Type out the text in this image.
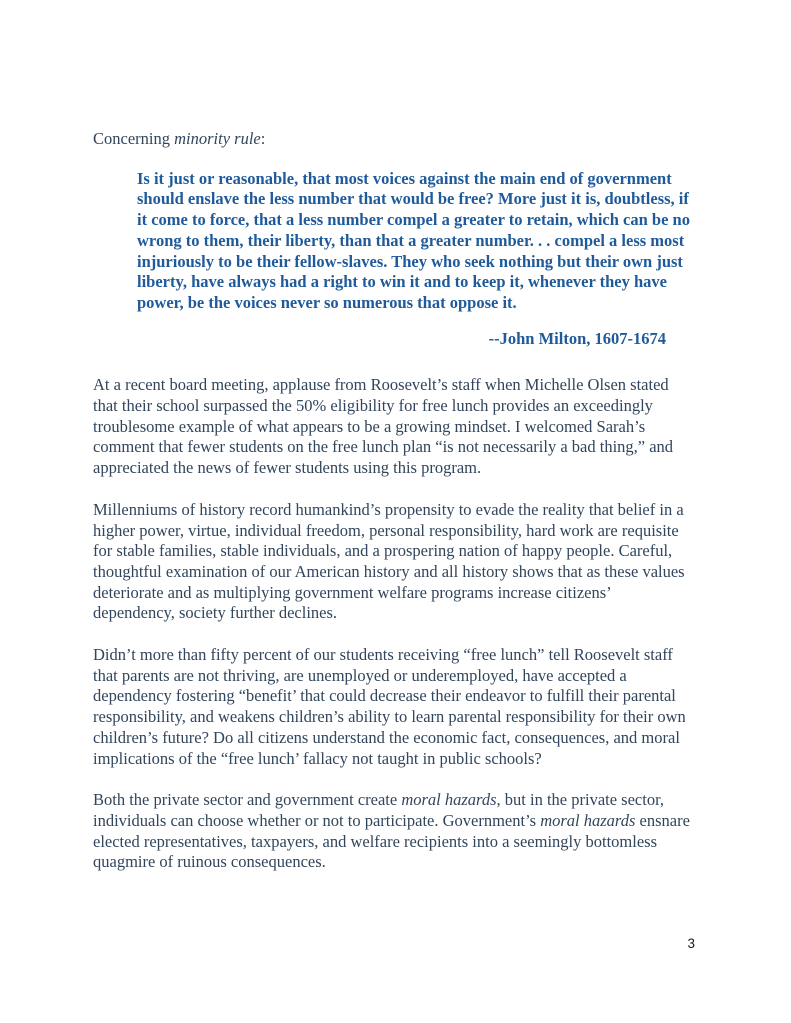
Concerning minority rule:

Is it just or reasonable, that most voices against the main end of government should enslave the less number that would be free? More just it is, doubtless, if it come to force, that a less number compel a greater to retain, which can be no wrong to them, their liberty, than that a greater number. . . compel a less most injuriously to be their fellow-slaves. They who seek nothing but their own just liberty, have always had a right to win it and to keep it, whenever they have power, be the voices never so numerous that oppose it.

--John Milton, 1607-1674

At a recent board meeting, applause from Roosevelt’s staff when Michelle Olsen stated that their school surpassed the 50% eligibility for free lunch provides an exceedingly troublesome example of what appears to be a growing mindset. I welcomed Sarah’s comment that fewer students on the free lunch plan “is not necessarily a bad thing,” and appreciated the news of fewer students using this program.

Millenniums of history record humankind’s propensity to evade the reality that belief in a higher power, virtue, individual freedom, personal responsibility, hard work are requisite for stable families, stable individuals, and a prospering nation of happy people. Careful, thoughtful examination of our American history and all history shows that as these values deteriorate and as multiplying government welfare programs increase citizens’ dependency, society further declines.

Didn’t more than fifty percent of our students receiving “free lunch” tell Roosevelt staff that parents are not thriving, are unemployed or underemployed, have accepted a dependency fostering “benefit’ that could decrease their endeavor to fulfill their parental responsibility, and weakens children’s ability to learn parental responsibility for their own children’s future? Do all citizens understand the economic fact, consequences, and moral implications of the “free lunch’ fallacy not taught in public schools?

Both the private sector and government create moral hazards, but in the private sector, individuals can choose whether or not to participate. Government’s moral hazards ensnare elected representatives, taxpayers, and welfare recipients into a seemingly bottomless quagmire of ruinous consequences.

3
